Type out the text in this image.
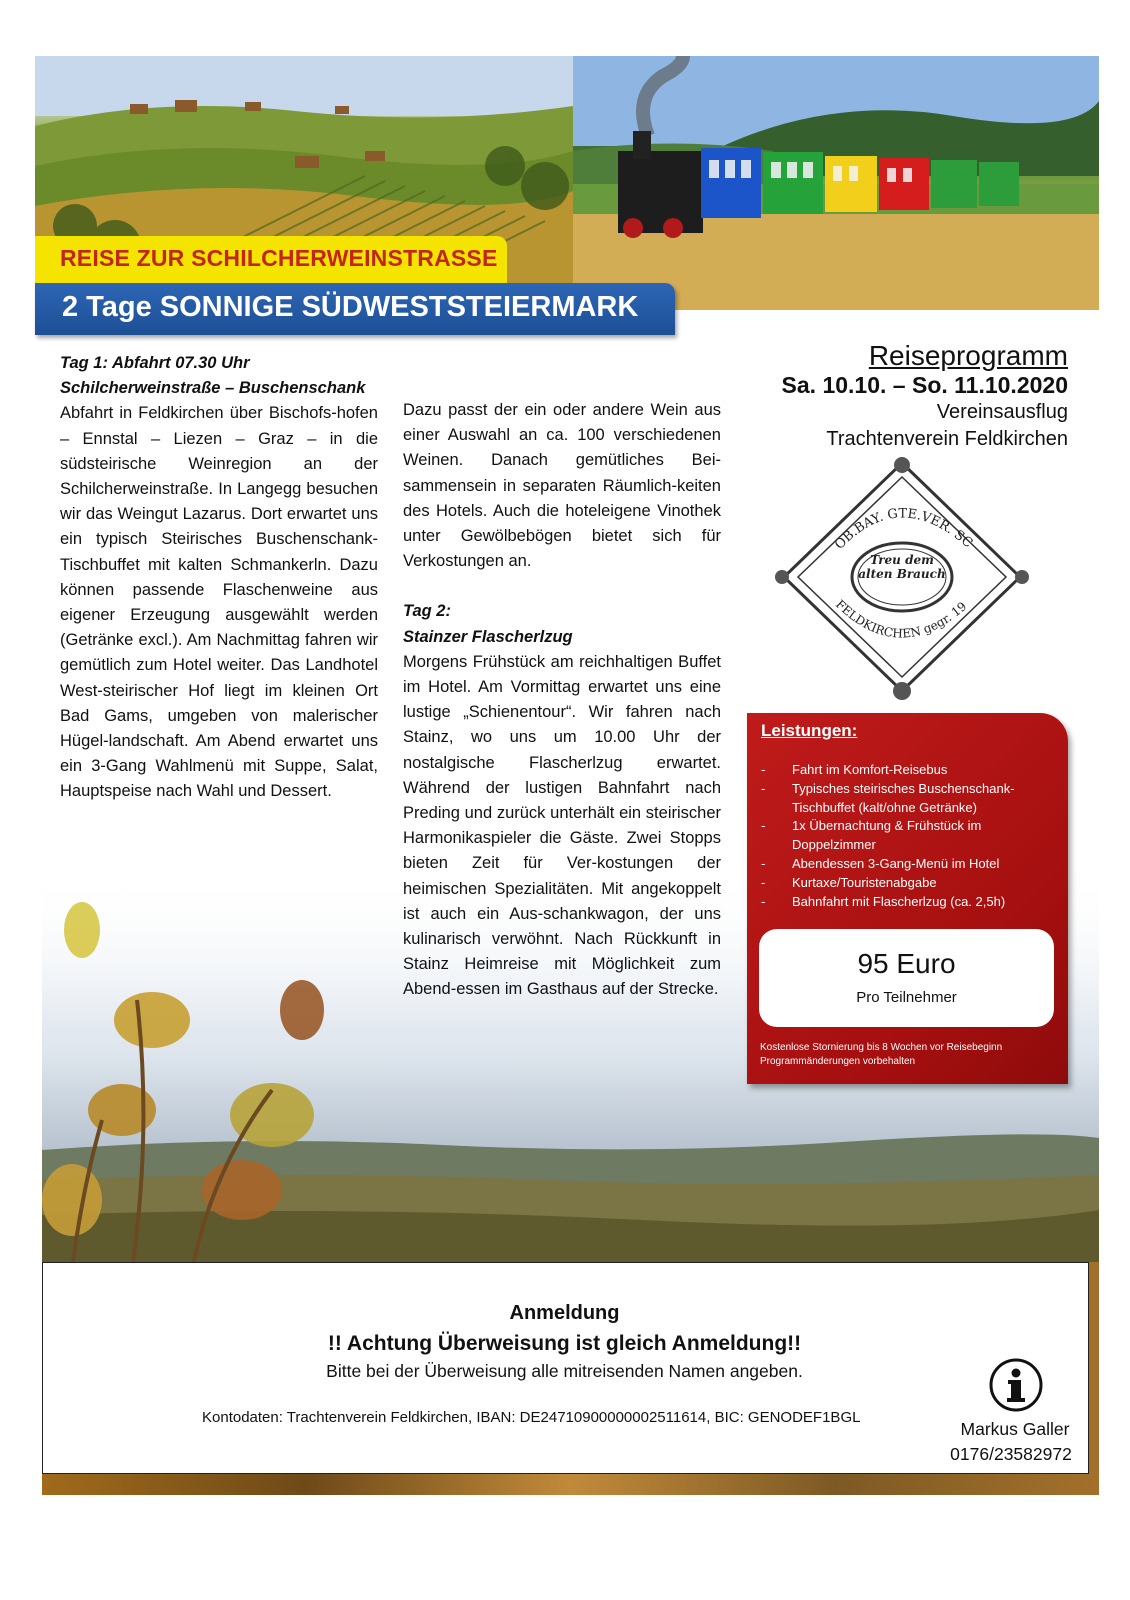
REISE ZUR SCHILCHERWEINSTRASSE
2 Tage SONNIGE SÜDWESTSTEIERMARK
Reiseprogramm
Sa. 10.10. – So. 11.10.2020
Vereinsausflug
Trachtenverein Feldkirchen
Tag 1: Abfahrt 07.30 Uhr
Schilcherweinstraße – Buschenschank
Abfahrt in Feldkirchen über Bischofs-hofen – Ennstal – Liezen – Graz – in die südsteirische Weinregion an der Schilcherweinstraße. In Langegg besuchen wir das Weingut Lazarus. Dort erwartet uns ein typisch Steirisches Buschenschank-Tischbuffet mit kalten Schmankerln. Dazu können passende Flaschenweine aus eigener Erzeugung ausgewählt werden (Getränke excl.). Am Nachmittag fahren wir gemütlich zum Hotel weiter. Das Landhotel West-steirischer Hof liegt im kleinen Ort Bad Gams, umgeben von malerischer Hügel-landschaft. Am Abend erwartet uns ein 3-Gang Wahlmenü mit Suppe, Salat, Hauptspeise nach Wahl und Dessert.
Dazu passt der ein oder andere Wein aus einer Auswahl an ca. 100 verschiedenen Weinen. Danach gemütliches Bei-sammensein in separaten Räumlich-keiten des Hotels. Auch die hoteleigene Vinothek unter Gewölbebögen bietet sich für Verkostungen an.
Tag 2:
Stainzer Flascherlzug
Morgens Frühstück am reichhaltigen Buffet im Hotel. Am Vormittag erwartet uns eine lustige „Schienentour“. Wir fahren nach Stainz, wo uns um 10.00 Uhr der nostalgische Flascherlzug erwartet. Während der lustigen Bahnfahrt nach Preding und zurück unterhält ein steirischer Harmonikaspieler die Gäste. Zwei Stopps bieten Zeit für Ver-kostungen der heimischen Spezialitäten. Mit angekoppelt ist auch ein Aus-schankwagon, der uns kulinarisch verwöhnt. Nach Rückkunft in Stainz Heimreise mit Möglichkeit zum Abend-essen im Gasthaus auf der Strecke.
OB.BAY. GTE.VER. SC
FELDKIRCHEN gegr. 19
Treu dem alten Brauch
Leistungen:
- Fahrt im Komfort-Reisebus
- Typisches steirisches Buschenschank-Tischbuffet (kalt/ohne Getränke)
- 1x Übernachtung & Frühstück im Doppelzimmer
- Abendessen 3-Gang-Menü im Hotel
- Kurtaxe/Touristenabgabe
- Bahnfahrt mit Flascherlzug (ca. 2,5h)
95 Euro
Pro Teilnehmer
Kostenlose Stornierung bis 8 Wochen vor Reisebeginn
Programmänderungen vorbehalten
Anmeldung
!! Achtung Überweisung ist gleich Anmeldung!!
Bitte bei der Überweisung alle mitreisenden Namen angeben.
Kontodaten: Trachtenverein Feldkirchen, IBAN: DE24710900000002511614, BIC: GENODEF1BGL
Markus Galler
0176/23582972
